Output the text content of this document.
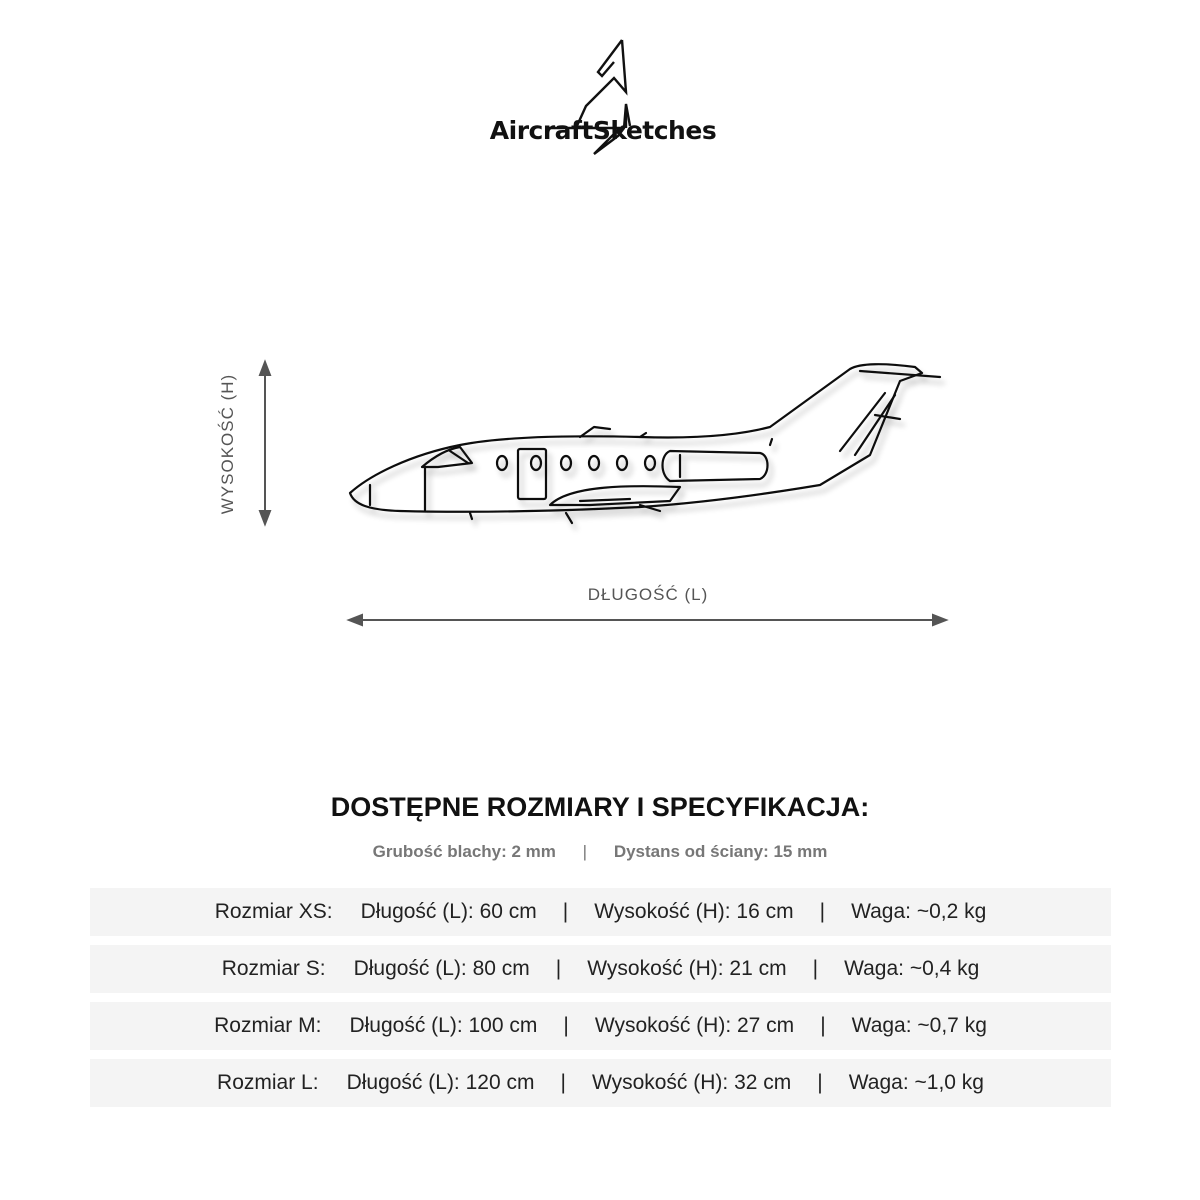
AircraftSketches
WYSOKOŚĆ (H)
DŁUGOŚĆ (L)
DOSTĘPNE ROZMIARY I SPECYFIKACJA:
Grubość blachy: 2 mm | Dystans od ściany: 15 mm
Rozmiar XS: Długość (L): 60 cm | Wysokość (H): 16 cm | Waga: ~0,2 kg
Rozmiar S: Długość (L): 80 cm | Wysokość (H): 21 cm | Waga: ~0,4 kg
Rozmiar M: Długość (L): 100 cm | Wysokość (H): 27 cm | Waga: ~0,7 kg
Rozmiar L: Długość (L): 120 cm | Wysokość (H): 32 cm | Waga: ~1,0 kg
